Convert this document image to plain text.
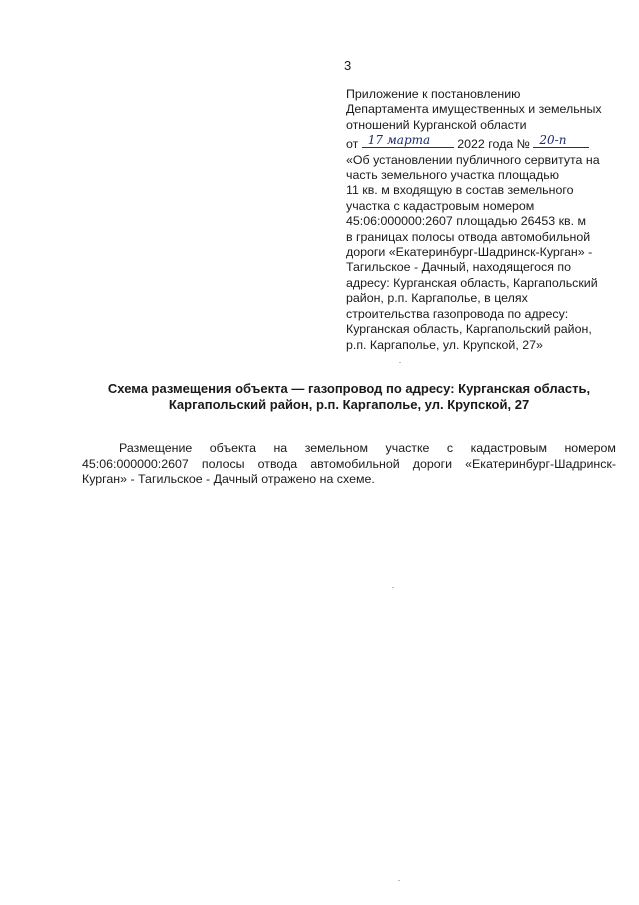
3
Приложение к постановлению
Департамента имущественных и земельных
отношений Курганской области
от 17 марта 2022 года № 20-п
«Об установлении публичного сервитута на
часть земельного участка площадью
11 кв. м входящую в состав земельного
участка с кадастровым номером
45:06:000000:2607 площадью 26453 кв. м
в границах полосы отвода автомобильной
дороги «Екатеринбург-Шадринск-Курган» -
Тагильское - Дачный, находящегося по
адресу: Курганская область, Каргапольский
район, р.п. Каргаполье, в целях
строительства газопровода по адресу:
Курганская область, Каргапольский район,
р.п. Каргаполье, ул. Крупской, 27»
Схема размещения объекта — газопровод по адресу: Курганская область,
Каргапольский район, р.п. Каргаполье, ул. Крупской, 27
Размещение объекта на земельном участке с кадастровым номером
45:06:000000:2607 полосы отвода автомобильной дороги «Екатеринбург-Шадринск-
Курган» - Тагильское - Дачный отражено на схеме.
